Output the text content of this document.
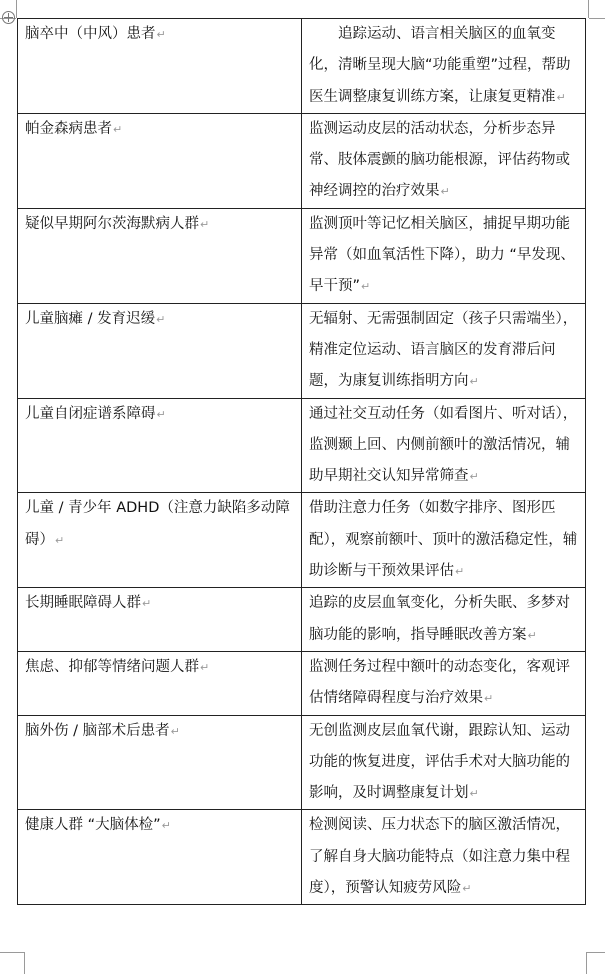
脑卒中（中风）患者↵	追踪运动、语言相关脑区的血氧变化，清晰呈现大脑“功能重塑”过程，帮助医生调整康复训练方案，让康复更精准↵
帕金森病患者↵	监测运动皮层的活动状态，分析步态异常、肢体震颤的脑功能根源，评估药物或神经调控的治疗效果↵
疑似早期阿尔茨海默病人群↵	监测顶叶等记忆相关脑区，捕捉早期功能异常（如血氧活性下降），助力 “早发现、早干预”↵
儿童脑瘫 / 发育迟缓↵	无辐射、无需强制固定（孩子只需端坐），精准定位运动、语言脑区的发育滞后问题，为康复训练指明方向↵
儿童自闭症谱系障碍↵	通过社交互动任务（如看图片、听对话），监测颞上回、内侧前额叶的激活情况，辅助早期社交认知异常筛查↵
儿童 / 青少年 ADHD（注意力缺陷多动障碍）↵	借助注意力任务（如数字排序、图形匹配），观察前额叶、顶叶的激活稳定性，辅助诊断与干预效果评估↵
长期睡眠障碍人群↵	追踪的皮层血氧变化，分析失眠、多梦对脑功能的影响，指导睡眠改善方案↵
焦虑、抑郁等情绪问题人群↵	监测任务过程中额叶的动态变化，客观评估情绪障碍程度与治疗效果↵
脑外伤 / 脑部术后患者↵	无创监测皮层血氧代谢，跟踪认知、运动功能的恢复进度，评估手术对大脑功能的影响，及时调整康复计划↵
健康人群 “大脑体检”↵	检测阅读、压力状态下的脑区激活情况，了解自身大脑功能特点（如注意力集中程度），预警认知疲劳风险↵
